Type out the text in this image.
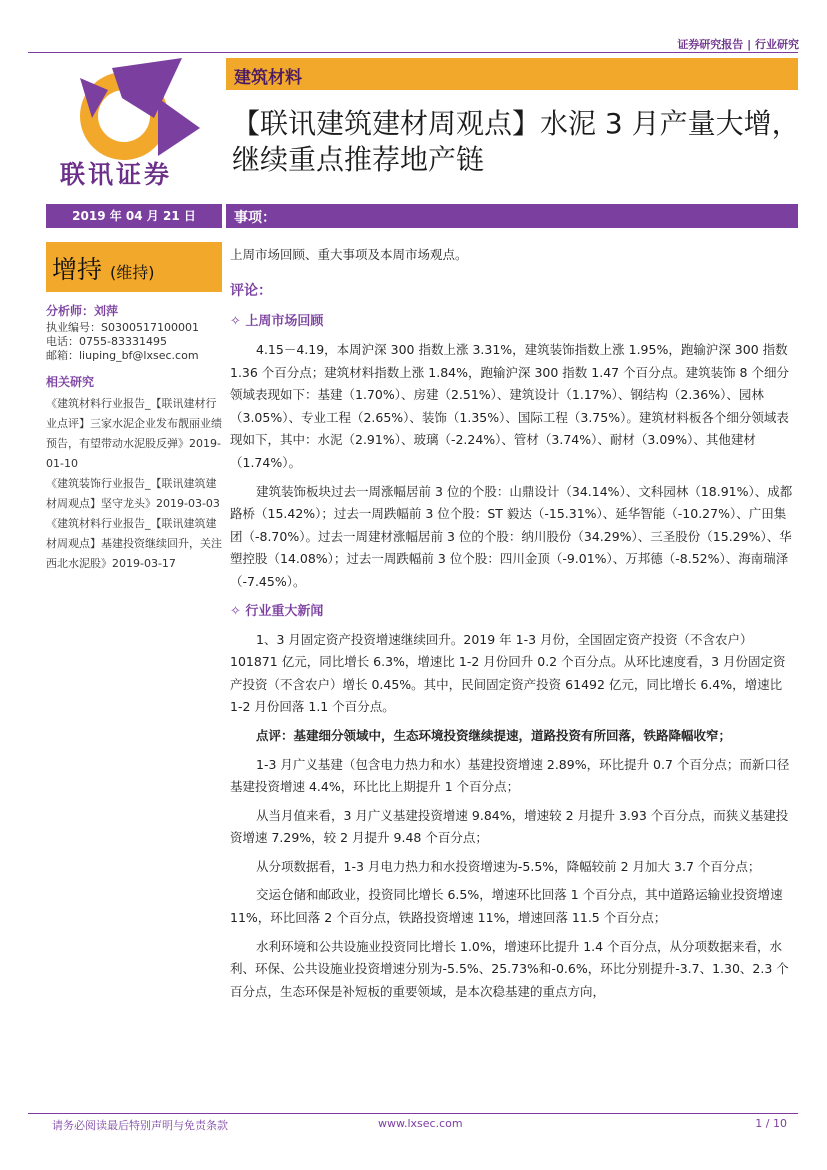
证券研究报告 | 行业研究
联讯证券
建筑材料
【联讯建筑建材周观点】水泥 3 月产量大增，继续重点推荐地产链
2019 年 04 月 21 日	事项：
增持 (维持)
分析师：刘萍
执业编号：S0300517100001
电话：0755-83331495
邮箱：liuping_bf@lxsec.com
相关研究
《建筑材料行业报告_【联讯建材行业点评】三家水泥企业发布靓丽业绩预告，有望带动水泥股反弹》2019-01-10
《建筑装饰行业报告_【联讯建筑建材周观点】坚守龙头》2019-03-03
《建筑材料行业报告_【联讯建筑建材周观点】基建投资继续回升，关注西北水泥股》2019-03-17
上周市场回顾、重大事项及本周市场观点。
评论：
✧ 上周市场回顾

4.15－4.19，本周沪深 300 指数上涨 3.31%，建筑装饰指数上涨 1.95%，跑输沪深 300 指数 1.36 个百分点；建筑材料指数上涨 1.84%，跑输沪深 300 指数 1.47 个百分点。建筑装饰 8 个细分领域表现如下：基建（1.70%）、房建（2.51%）、建筑设计（1.17%）、钢结构（2.36%）、园林（3.05%）、专业工程（2.65%）、装饰（1.35%）、国际工程（3.75%）。建筑材料板各个细分领域表现如下，其中：水泥（2.91%）、玻璃（-2.24%）、管材（3.74%）、耐材（3.09%）、其他建材（1.74%）。

建筑装饰板块过去一周涨幅居前 3 位的个股：山鼎设计（34.14%）、文科园林（18.91%）、成都路桥（15.42%）；过去一周跌幅前 3 位个股：ST 毅达（-15.31%）、延华智能（-10.27%）、广田集团（-8.70%）。过去一周建材涨幅居前 3 位的个股：纳川股份（34.29%）、三圣股份（15.29%）、华塑控股（14.08%）；过去一周跌幅前 3 位个股：四川金顶（-9.01%）、万邦德（-8.52%）、海南瑞泽（-7.45%）。

✧ 行业重大新闻

1、3 月固定资产投资增速继续回升。2019 年 1-3 月份，全国固定资产投资（不含农户）101871 亿元，同比增长 6.3%，增速比 1-2 月份回升 0.2 个百分点。从环比速度看，3 月份固定资产投资（不含农户）增长 0.45%。其中，民间固定资产投资 61492 亿元，同比增长 6.4%，增速比 1-2 月份回落 1.1 个百分点。

点评：基建细分领域中，生态环境投资继续提速，道路投资有所回落，铁路降幅收窄；

1-3 月广义基建（包含电力热力和水）基建投资增速 2.89%，环比提升 0.7 个百分点；而新口径基建投资增速 4.4%，环比比上期提升 1 个百分点；

从当月值来看，3 月广义基建投资增速 9.84%，增速较 2 月提升 3.93 个百分点，而狭义基建投资增速 7.29%，较 2 月提升 9.48 个百分点；

从分项数据看，1-3 月电力热力和水投资增速为-5.5%，降幅较前 2 月加大 3.7 个百分点；

交运仓储和邮政业，投资同比增长 6.5%，增速环比回落 1 个百分点，其中道路运输业投资增速 11%，环比回落 2 个百分点，铁路投资增速 11%，增速回落 11.5 个百分点；

水利环境和公共设施业投资同比增长 1.0%，增速环比提升 1.4 个百分点，从分项数据来看，水利、环保、公共设施业投资增速分别为-5.5%、25.73%和-0.6%，环比分别提升-3.7、1.30、2.3 个百分点，生态环保是补短板的重要领域，是本次稳基建的重点方向，

请务必阅读最后特别声明与免责条款	www.lxsec.com	1 / 10
